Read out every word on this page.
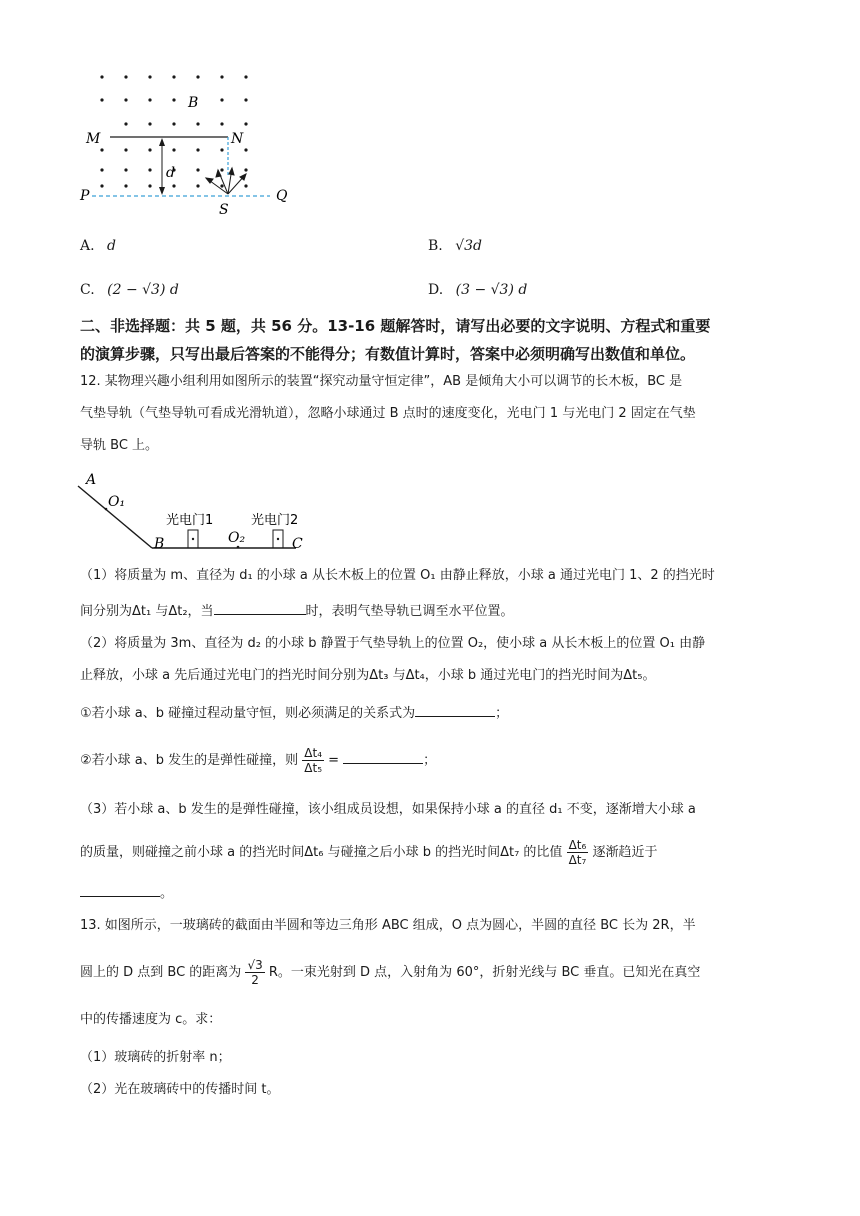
B
M	N
d
P	Q
S
A. d	B. √3d
C. (2 − √3) d	D. (3 − √3) d
二、非选择题：共 5 题，共 56 分。13-16 题解答时，请写出必要的文字说明、方程式和重要
的演算步骤，只写出最后答案的不能得分；有数值计算时，答案中必须明确写出数值和单位。
12. 某物理兴趣小组利用如图所示的装置“探究动量守恒定律”，AB 是倾角大小可以调节的长木板，BC 是
气垫导轨（气垫导轨可看成光滑轨道），忽略小球通过 B 点时的速度变化，光电门 1 与光电门 2 固定在气垫
导轨 BC 上。
A
O₁
光电门1	光电门2
B	O₂	C
（1）将质量为 m、直径为 d₁ 的小球 a 从长木板上的位置 O₁ 由静止释放，小球 a 通过光电门 1、2 的挡光时
间分别为Δt₁ 与Δt₂，当	时，表明气垫导轨已调至水平位置。
（2）将质量为 3m、直径为 d₂ 的小球 b 静置于气垫导轨上的位置 O₂，使小球 a 从长木板上的位置 O₁ 由静
止释放，小球 a 先后通过光电门的挡光时间分别为Δt₃ 与Δt₄，小球 b 通过光电门的挡光时间为Δt₅。
①若小球 a、b 碰撞过程动量守恒，则必须满足的关系式为	；
②若小球 a、b 发生的是弹性碰撞，则 $\frac{\text{Δt₄}}{\text{Δt₅}}$ =	；
（3）若小球 a、b 发生的是弹性碰撞，该小组成员设想，如果保持小球 a 的直径 d₁ 不变，逐渐增大小球 a
的质量，则碰撞之前小球 a 的挡光时间Δt₆ 与碰撞之后小球 b 的挡光时间Δt₇ 的比值 $\frac{\text{Δt₆}}{\text{Δt₇}}$ 逐渐趋近于
。
13. 如图所示，一玻璃砖的截面由半圆和等边三角形 ABC 组成，O 点为圆心，半圆的直径 BC 长为 2R，半
圆上的 D 点到 BC 的距离为 $\frac{√3}{2}$ R。一束光射到 D 点，入射角为 60°，折射光线与 BC 垂直。已知光在真空
中的传播速度为 c。求：
（1）玻璃砖的折射率 n；
（2）光在玻璃砖中的传播时间 t。
